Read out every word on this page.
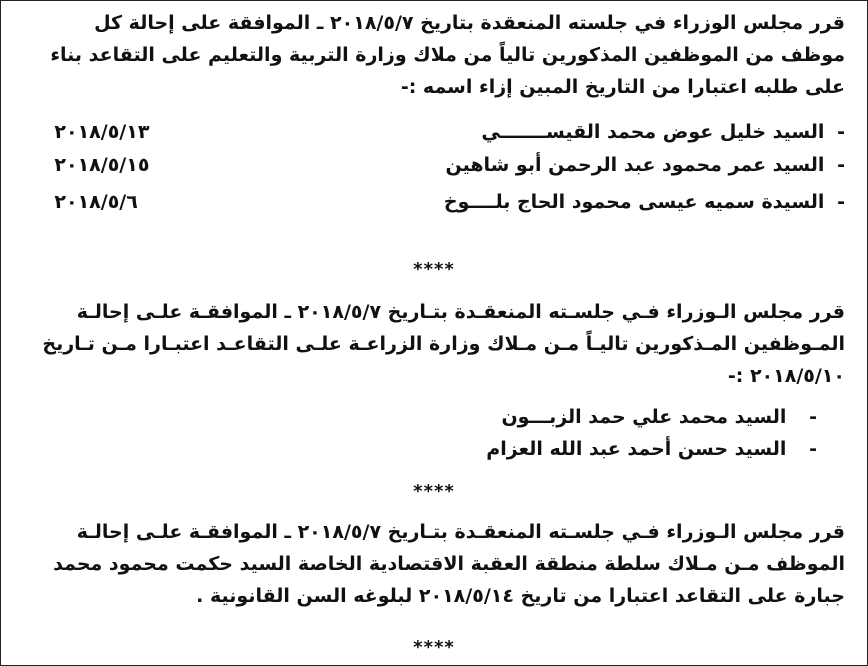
قرر مجلس الوزراء في جلسته المنعقدة بتاريخ ٢٠١٨/٥/٧ ـ الموافقة على إحالة كل
موظف من الموظفين المذكورين تالياً من ملاك وزارة التربية والتعليم على التقاعد بناء
على طلبه اعتبارا من التاريخ المبين إزاء اسمه :-
- السيد خليل عوض محمد القيســـــــي
٢٠١٨/٥/١٣
- السيد عمر محمود عبد الرحمن أبو شاهين
٢٠١٨/٥/١٥
- السيدة سميه عيسى محمود الحاج بلــــوخ
٢٠١٨/٥/٦
****
قرر مجلس الـوزراء فـي جلسـته المنعقـدة بتـاريخ ٢٠١٨/٥/٧ ـ الموافقـة علـى إحالـة
المـوظفين المـذكورين تاليـاً مـن مـلاك وزارة الزراعـة علـى التقاعـد اعتبـارا مـن تـاريخ
٢٠١٨/٥/١٠ :-
- السيد محمد علي حمد الزبـــون
- السيد حسن أحمد عبد الله العزام
****
قرر مجلس الـوزراء فـي جلسـته المنعقـدة بتـاريخ ٢٠١٨/٥/٧ ـ الموافقـة علـى إحالـة
الموظف مـن مـلاك سلطة منطقة العقبة الاقتصادية الخاصة السيد حكمت محمود محمد
جبارة على التقاعد اعتبارا من تاريخ ٢٠١٨/٥/١٤ لبلوغه السن القانونية .
****
